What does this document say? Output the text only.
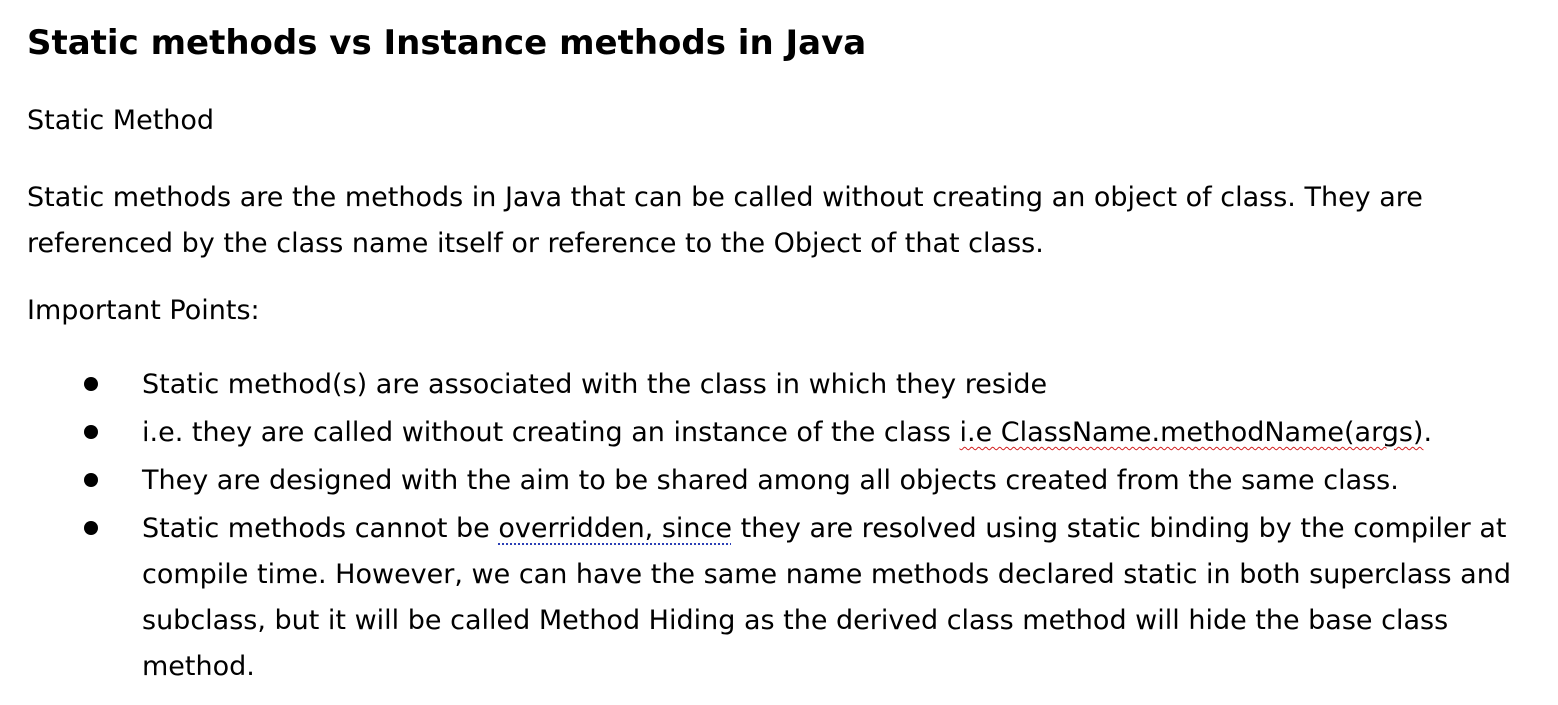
Static methods vs Instance methods in Java

Static Method

Static methods are the methods in Java that can be called without creating an object of class. They are referenced by the class name itself or reference to the Object of that class.

Important Points:

Static method(s) are associated with the class in which they reside
i.e. they are called without creating an instance of the class i.e ClassName.methodName(args).
They are designed with the aim to be shared among all objects created from the same class.
Static methods cannot be overridden, since they are resolved using static binding by the compiler at compile time. However, we can have the same name methods declared static in both superclass and subclass, but it will be called Method Hiding as the derived class method will hide the base class method.
